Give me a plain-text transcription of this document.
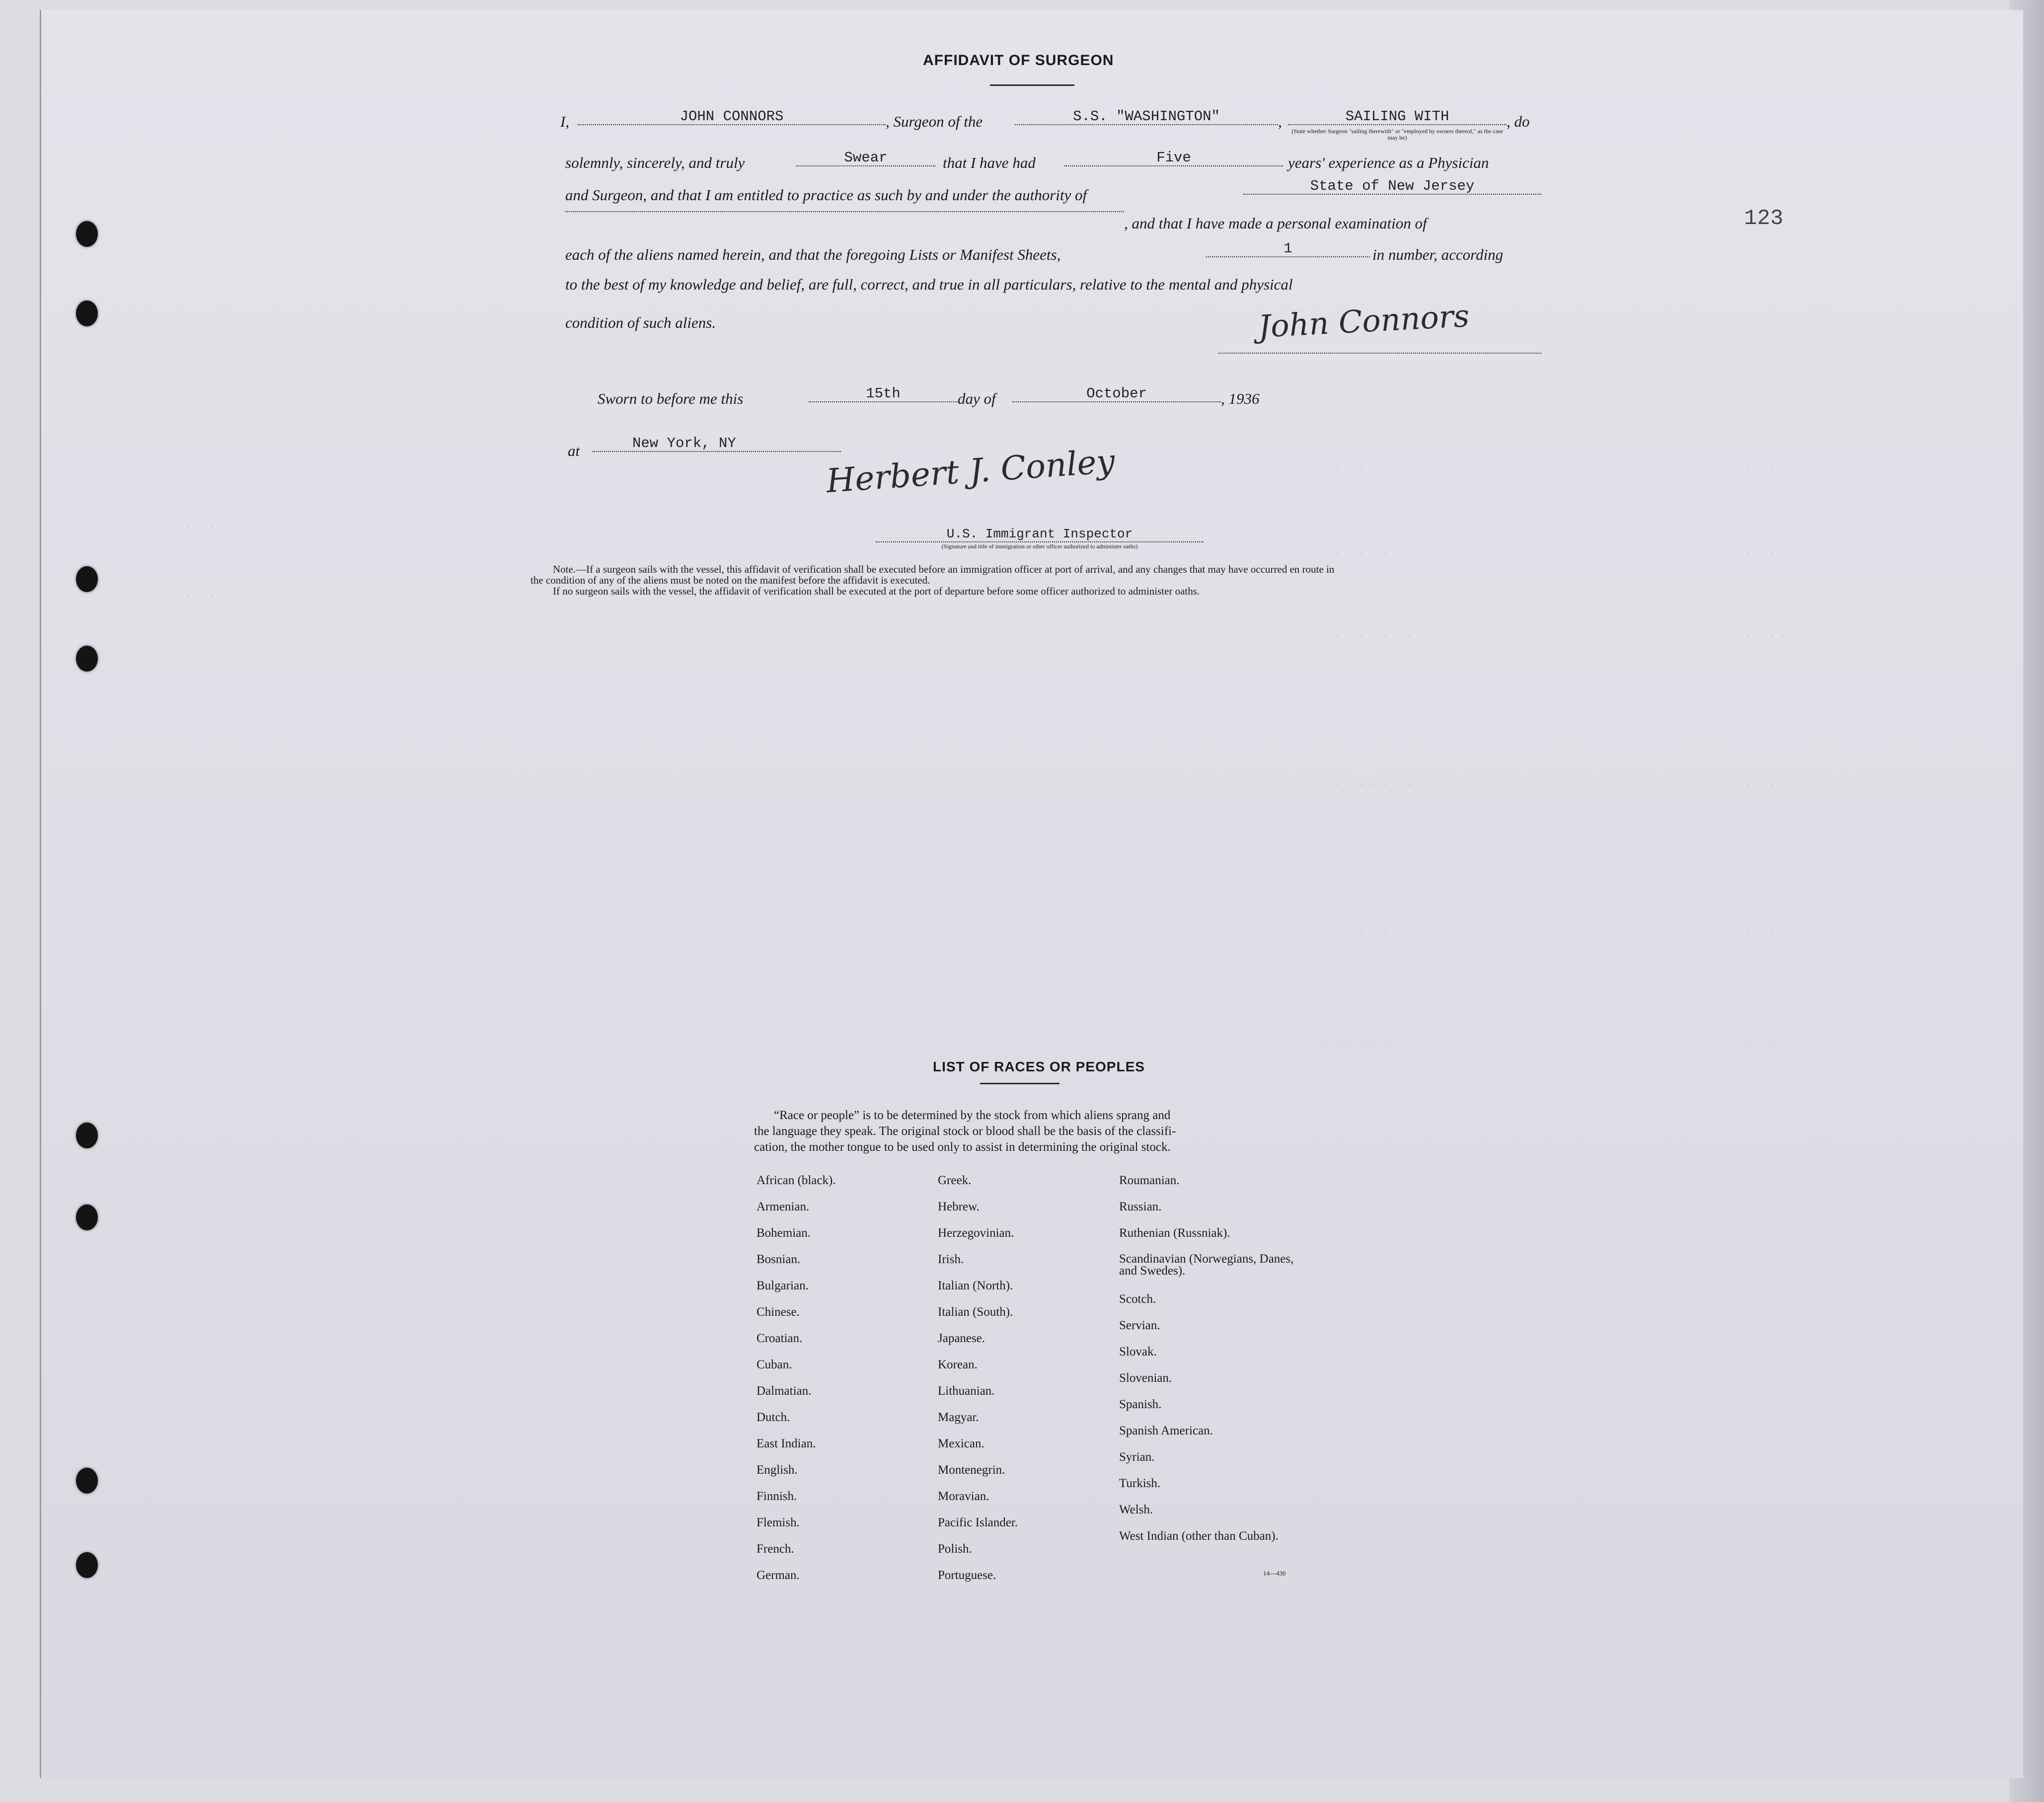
123
. . . . .	. . .
. . . .
. . . . . .	. . .
. . . .
. . . . . . . .	. . . .
. . . . . . . . .	. . .
. . . . . . .	. . . .
. . . . . .	. . .
AFFIDAVIT OF SURGEON
I,	JOHN CONNORS	, Surgeon of the	S.S. "WASHINGTON"	,	SAILING WITH	, do
(State whether Surgeon "sailing therewith" or "employed by owners thereof," as the case may be)
solemnly, sincerely, and truly	Swear	that I have had	Five	years' experience as a Physician
and Surgeon, and that I am entitled to practice as such by and under the authority of
State of New Jersey
, and that I have made a personal examination of
each of the aliens named herein, and that the foregoing Lists or Manifest Sheets,	1	in number, according
to the best of my knowledge and belief, are full, correct, and true in all particulars, relative to the mental and physical
condition of such aliens.	John Connors
Sworn to before me this	15th	day of	October	, 1936
at	New York, NY	Herbert J. Conley
U.S. Immigrant Inspector
(Signature and title of immigration or other officer authorized to administer oaths)
Note.—If a surgeon sails with the vessel, this affidavit of verification shall be executed before an immigration officer at port of arrival, and any changes that may have occurred en route in
the condition of any of the aliens must be noted on the manifest before the affidavit is executed.
If no surgeon sails with the vessel, the affidavit of verification shall be executed at the port of departure before some officer authorized to administer oaths.
LIST OF RACES OR PEOPLES
“Race or people” is to be determined by the stock from which aliens sprang and
the language they speak. The original stock or blood shall be the basis of the classifi-
cation, the mother tongue to be used only to assist in determining the original stock.
African (black).
Armenian.
Bohemian.
Bosnian.
Bulgarian.
Chinese.
Croatian.
Cuban.
Dalmatian.
Dutch.
East Indian.
English.
Finnish.
Flemish.
French.
German.
Greek.
Hebrew.
Herzegovinian.
Irish.
Italian (North).
Italian (South).
Japanese.
Korean.
Lithuanian.
Magyar.
Mexican.
Montenegrin.
Moravian.
Pacific Islander.
Polish.
Portuguese.
Roumanian.
Russian.
Ruthenian (Russniak).
Scandinavian (Norwegians, Danes, and Swedes).
Scotch.
Servian.
Slovak.
Slovenian.
Spanish.
Spanish American.
Syrian.
Turkish.
Welsh.
West Indian (other than Cuban).
14—430
